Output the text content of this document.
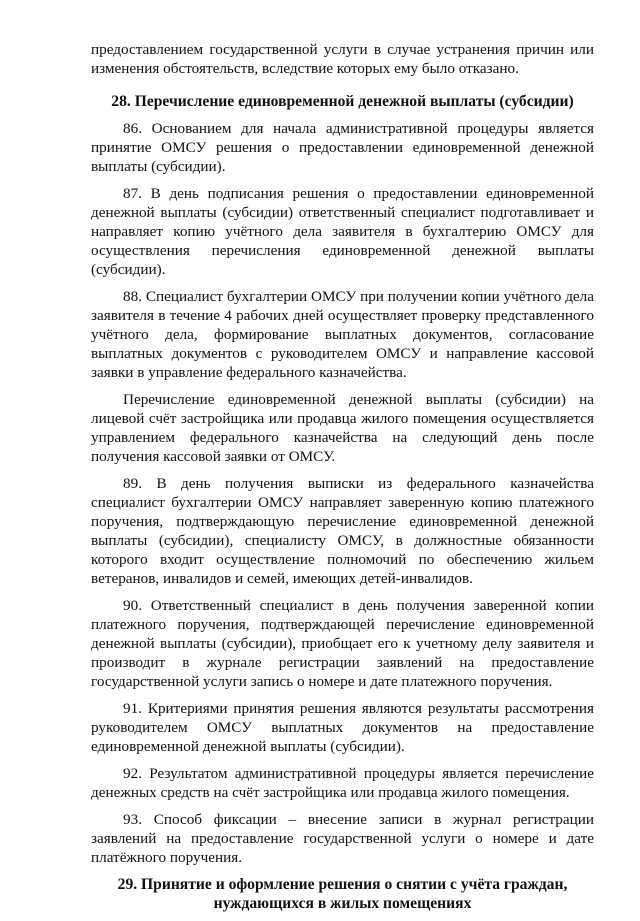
предоставлением государственной услуги в случае устранения причин или изменения обстоятельств, вследствие которых ему было отказано.

28. Перечисление единовременной денежной выплаты (субсидии)

86. Основанием для начала административной процедуры является принятие ОМСУ решения о предоставлении единовременной денежной выплаты (субсидии).

87. В день подписания решения о предоставлении единовременной денежной выплаты (субсидии) ответственный специалист подготавливает и направляет копию учётного дела заявителя в бухгалтерию ОМСУ для осуществления перечисления единовременной денежной выплаты (субсидии).

88. Специалист бухгалтерии ОМСУ при получении копии учётного дела заявителя в течение 4 рабочих дней осуществляет проверку представленного учётного дела, формирование выплатных документов, согласование выплатных документов с руководителем ОМСУ и направление кассовой заявки в управление федерального казначейства.

Перечисление единовременной денежной выплаты (субсидии) на лицевой счёт застройщика или продавца жилого помещения осуществляется управлением федерального казначейства на следующий день после получения кассовой заявки от ОМСУ.

89. В день получения выписки из федерального казначейства специалист бухгалтерии ОМСУ направляет заверенную копию платежного поручения, подтверждающую перечисление единовременной денежной выплаты (субсидии), специалисту ОМСУ, в должностные обязанности которого входит осуществление полномочий по обеспечению жильем ветеранов, инвалидов и семей, имеющих детей-инвалидов.

90. Ответственный специалист в день получения заверенной копии платежного поручения, подтверждающей перечисление единовременной денежной выплаты (субсидии), приобщает его к учетному делу заявителя и производит в журнале регистрации заявлений на предоставление государственной услуги запись о номере и дате платежного поручения.

91. Критериями принятия решения являются результаты рассмотрения руководителем ОМСУ выплатных документов на предоставление единовременной денежной выплаты (субсидии).

92. Результатом административной процедуры является перечисление денежных средств на счёт застройщика или продавца жилого помещения.

93. Способ фиксации – внесение записи в журнал регистрации заявлений на предоставление государственной услуги о номере и дате платёжного поручения.

29. Принятие и оформление решения о снятии с учёта граждан, нуждающихся в жилых помещениях
